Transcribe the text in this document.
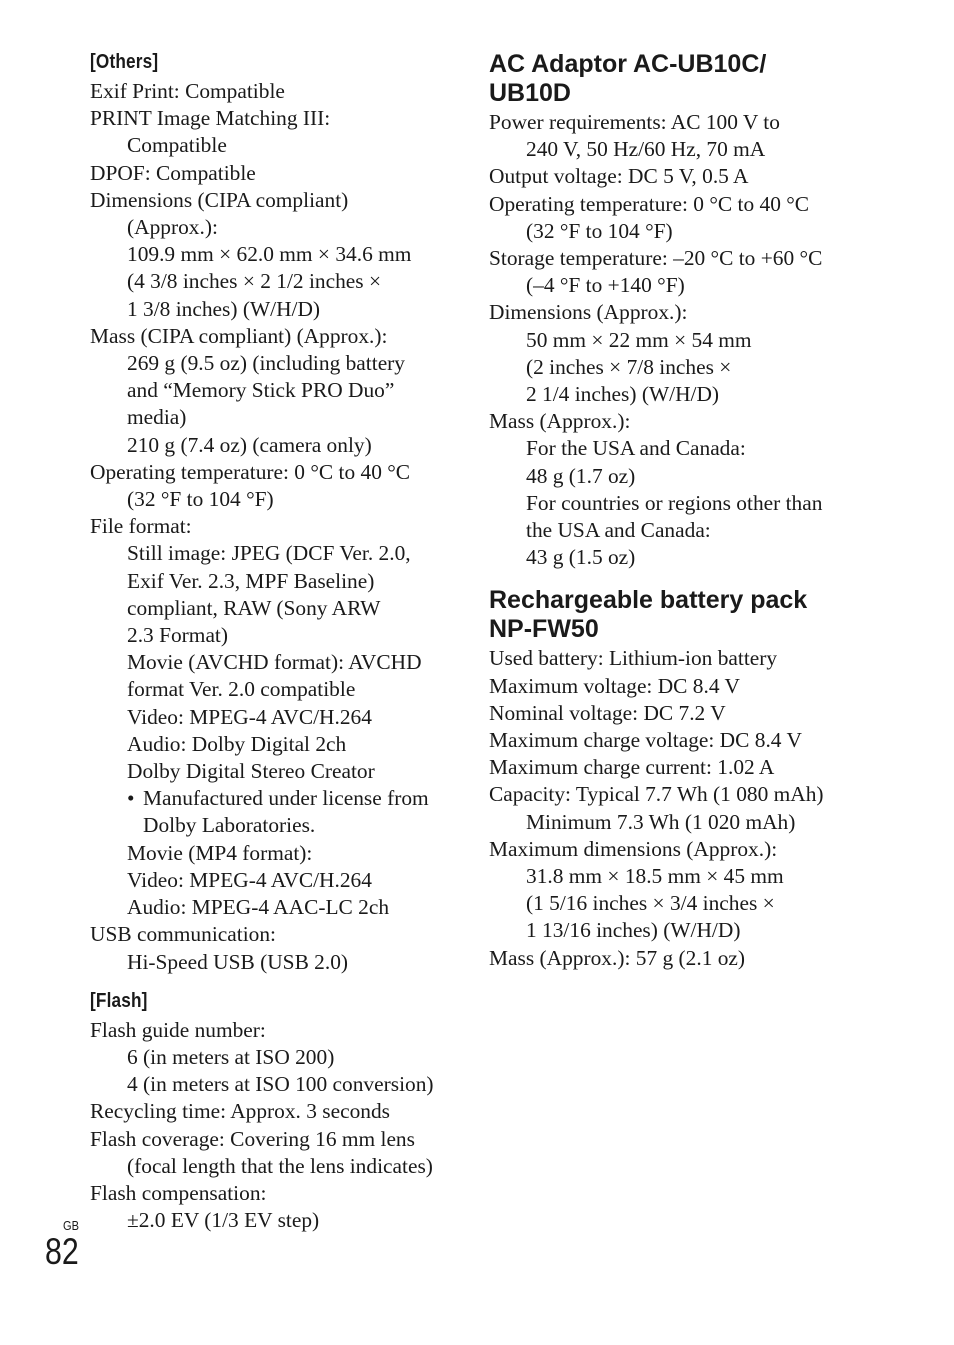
[Others]
Exif Print: Compatible
PRINT Image Matching III:
Compatible
DPOF: Compatible
Dimensions (CIPA compliant)
(Approx.):
109.9 mm × 62.0 mm × 34.6 mm
(4 3/8 inches × 2 1/2 inches ×
1 3/8 inches) (W/H/D)
Mass (CIPA compliant) (Approx.):
269 g (9.5 oz) (including battery
and “Memory Stick PRO Duo”
media)
210 g (7.4 oz) (camera only)
Operating temperature: 0 °C to 40 °C
(32 °F to 104 °F)
File format:
Still image: JPEG (DCF Ver. 2.0,
Exif Ver. 2.3, MPF Baseline)
compliant, RAW (Sony ARW
2.3 Format)
Movie (AVCHD format): AVCHD
format Ver. 2.0 compatible
Video: MPEG-4 AVC/H.264
Audio: Dolby Digital 2ch
Dolby Digital Stereo Creator
• Manufactured under license from
Dolby Laboratories.
Movie (MP4 format):
Video: MPEG-4 AVC/H.264
Audio: MPEG-4 AAC-LC 2ch
USB communication:
Hi-Speed USB (USB 2.0)
[Flash]
Flash guide number:
6 (in meters at ISO 200)
4 (in meters at ISO 100 conversion)
Recycling time: Approx. 3 seconds
Flash coverage: Covering 16 mm lens
(focal length that the lens indicates)
Flash compensation:
±2.0 EV (1/3 EV step)
AC Adaptor AC-UB10C/
UB10D
Power requirements: AC 100 V to
240 V, 50 Hz/60 Hz, 70 mA
Output voltage: DC 5 V, 0.5 A
Operating temperature: 0 °C to 40 °C
(32 °F to 104 °F)
Storage temperature: –20 °C to +60 °C
(–4 °F to +140 °F)
Dimensions (Approx.):
50 mm × 22 mm × 54 mm
(2 inches × 7/8 inches ×
2 1/4 inches) (W/H/D)
Mass (Approx.):
For the USA and Canada:
48 g (1.7 oz)
For countries or regions other than
the USA and Canada:
43 g (1.5 oz)
Rechargeable battery pack
NP-FW50
Used battery: Lithium-ion battery
Maximum voltage: DC 8.4 V
Nominal voltage: DC 7.2 V
Maximum charge voltage: DC 8.4 V
Maximum charge current: 1.02 A
Capacity: Typical 7.7 Wh (1 080 mAh)
Minimum 7.3 Wh (1 020 mAh)
Maximum dimensions (Approx.):
31.8 mm × 18.5 mm × 45 mm
(1 5/16 inches × 3/4 inches ×
1 13/16 inches) (W/H/D)
Mass (Approx.): 57 g (2.1 oz)
GB
82
